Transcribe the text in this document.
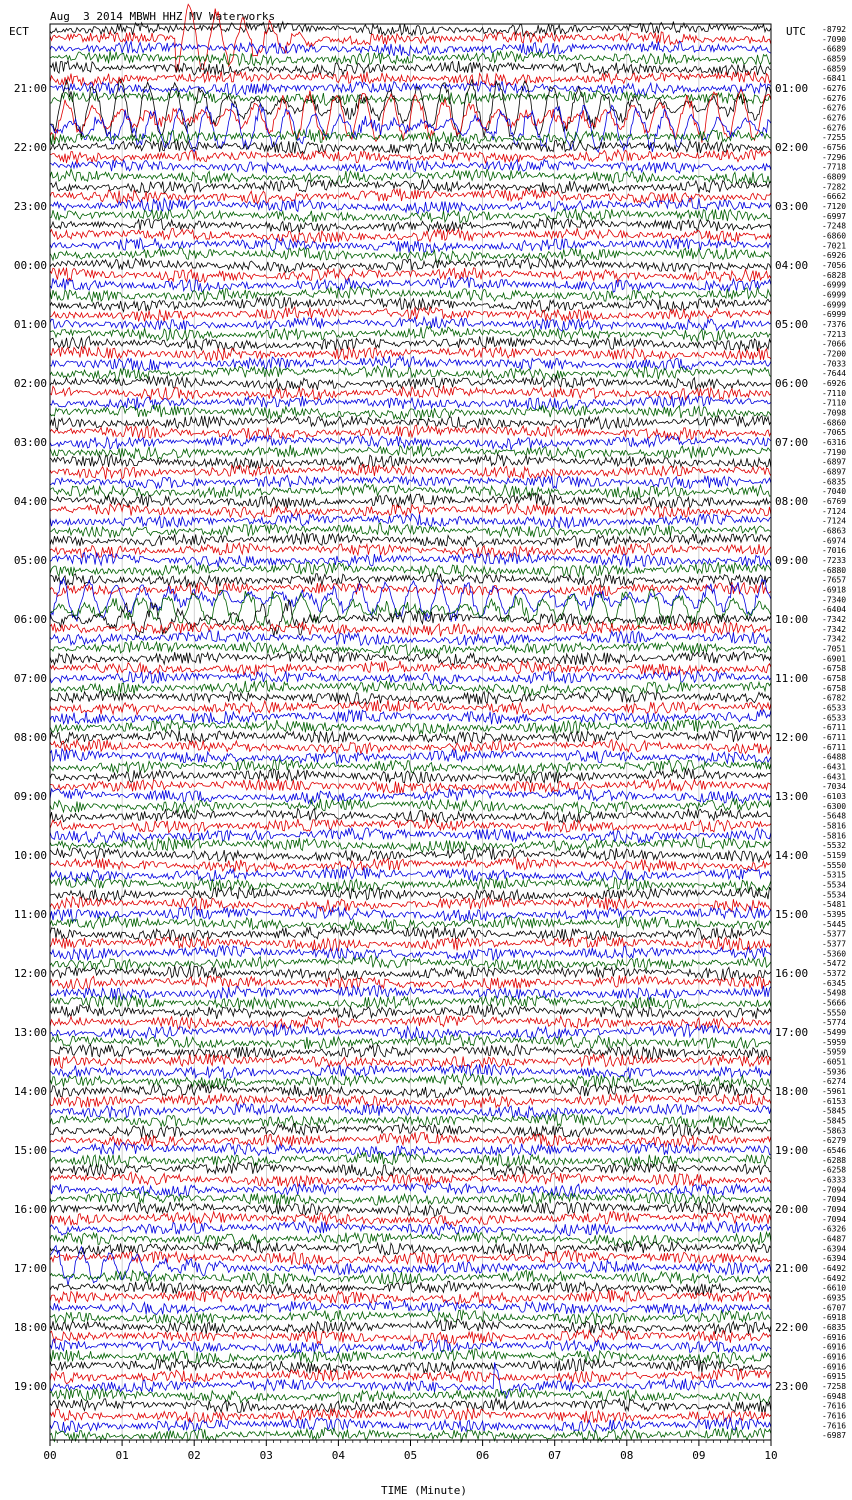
Aug  3 2014 MBWH HHZ MV Waterworks
ECT	UTC
21:00
22:00
23:00
00:00
01:00
02:00
03:00
04:00
05:00
06:00
07:00
08:00
09:00
10:00
11:00
12:00
13:00
14:00
15:00
16:00
17:00
18:00
19:00
01:00
02:00
03:00
04:00
05:00
06:00
07:00
08:00
09:00
10:00
11:00
12:00
13:00
14:00
15:00
16:00
17:00
18:00
19:00
20:00
21:00
22:00
23:00
-8792
-7090
-6689
-6859
-6859
-6841
-6276
-6276
-6276
-6276
-6276
-7255
-6756
-7296
-7718
-6809
-7282
-6662
-7120
-6997
-7248
-6860
-7021
-6926
-7056
-6828
-6999
-6999
-6999
-6999
-7376
-7213
-7066
-7200
-7033
-7644
-6926
-7110
-7110
-7098
-6860
-7065
-6316
-7190
-6897
-6897
-6835
-7040
-6769
-7124
-7124
-6863
-6974
-7016
-7233
-6880
-7657
-6918
-7340
-6404
-7342
-7342
-7342
-7051
-6901
-6758
-6758
-6758
-6782
-6533
-6533
-6711
-6711
-6711
-6488
-6431
-6431
-7034
-6103
-6300
-5648
-5816
-5816
-5532
-5159
-5550
-5315
-5534
-5534
-5481
-5395
-5445
-5377
-5377
-5360
-5472
-5372
-6345
-5498
-5666
-5550
-5774
-5499
-5959
-5959
-6051
-5936
-6274
-5961
-6153
-5845
-5845
-5863
-6279
-6546
-6288
-6258
-6333
-7094
-7094
-7094
-7094
-6326
-6487
-6394
-6394
-6492
-6492
-6610
-6935
-6707
-6918
-6835
-6916
-6916
-6916
-6916
-6915
-7258
-6948
-7616
-7616
-7616
-6987
00	01	02	03	04	05	06	07	08	09	10
TIME (Minute)
